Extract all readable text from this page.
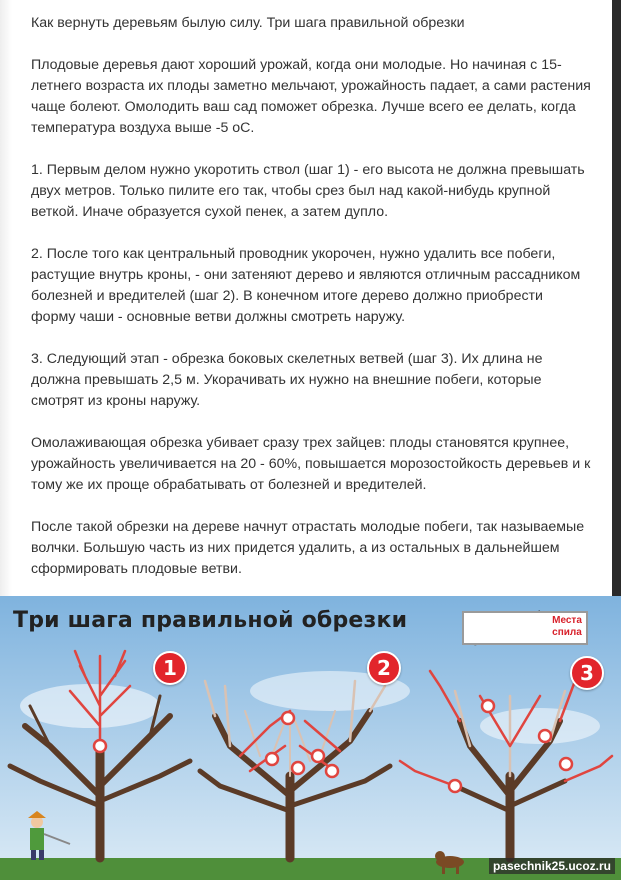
Как вернуть деревьям былую силу. Три шага правильной обрезки

Плодовые деревья дают хороший урожай, когда они молодые. Но начиная с 15-летнего возраста их плоды заметно мельчают, урожайность падает, а сами растения чаще болеют. Омолодить ваш сад поможет обрезка. Лучше всего ее делать, когда температура воздуха выше -5 оС.

1. Первым делом нужно укоротить ствол (шаг 1) - его высота не должна превышать двух метров. Только пилите его так, чтобы срез был над какой-нибудь крупной веткой. Иначе образуется сухой пенек, а затем дупло.

2. После того как центральный проводник укорочен, нужно удалить все побеги, растущие внутрь кроны, - они затеняют дерево и являются отличным рассадником болезней и вредителей (шаг 2). В конечном итоге дерево должно приобрести форму чаши - основные ветви должны смотреть наружу.

3. Следующий этап - обрезка боковых скелетных ветвей (шаг 3). Их длина не должна превышать 2,5 м. Укорачивать их нужно на внешние побеги, которые смотрят из кроны наружу.

Омолаживающая обрезка убивает сразу трех зайцев: плоды становятся крупнее, урожайность увеличивается на 20 - 60%, повышается морозостойкость деревьев и к тому же их проще обрабатывать от болезней и вредителей.

После такой обрезки на дереве начнут отрастать молодые побеги, так называемые волчки. Большую часть из них придется удалить, а из остальных в дальнейшем сформировать плодовые ветви.

Три шага правильной обрезки	Места спила
1	2	3
pasechnik25.ucoz.ru
